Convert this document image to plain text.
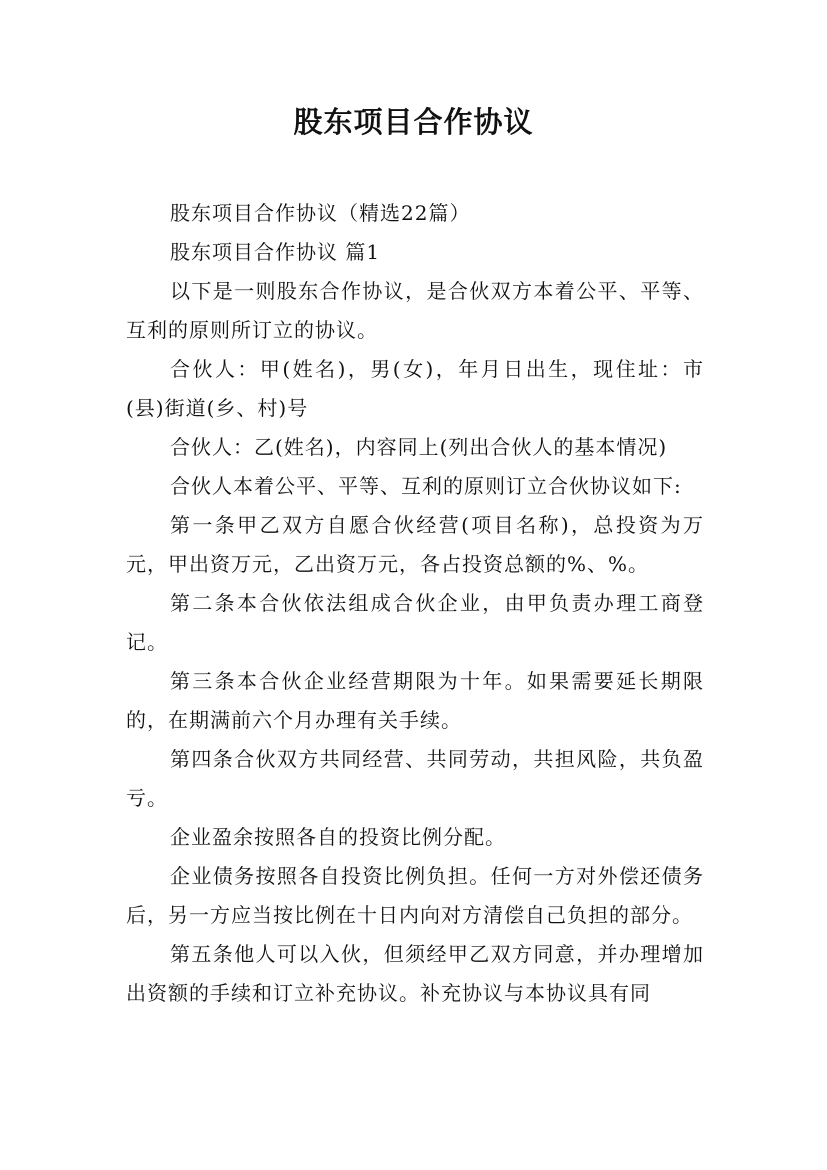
股东项目合作协议

股东项目合作协议（精选22篇）

股东项目合作协议 篇1

以下是一则股东合作协议，是合伙双方本着公平、平等、互利的原则所订立的协议。

合伙人：甲(姓名)，男(女)，年月日出生，现住址：市(县)街道(乡、村)号

合伙人：乙(姓名)，内容同上(列出合伙人的基本情况)

合伙人本着公平、平等、互利的原则订立合伙协议如下:

第一条甲乙双方自愿合伙经营(项目名称)，总投资为万元，甲出资万元，乙出资万元，各占投资总额的%、%。

第二条本合伙依法组成合伙企业，由甲负责办理工商登记。

第三条本合伙企业经营期限为十年。如果需要延长期限的，在期满前六个月办理有关手续。

第四条合伙双方共同经营、共同劳动，共担风险，共负盈亏。

企业盈余按照各自的投资比例分配。

企业债务按照各自投资比例负担。任何一方对外偿还债务后，另一方应当按比例在十日内向对方清偿自己负担的部分。

第五条他人可以入伙，但须经甲乙双方同意，并办理增加出资额的手续和订立补充协议。补充协议与本协议具有同
